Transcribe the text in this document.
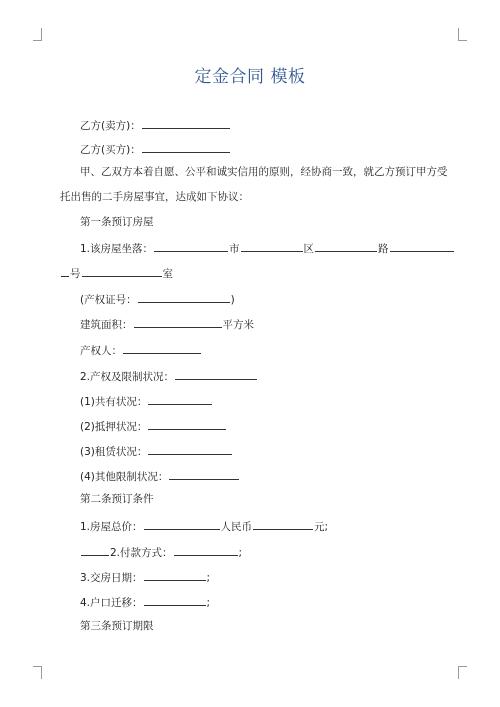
定金合同 模板
乙方(卖方)：
乙方(买方)：
甲、乙双方本着自愿、公平和诚实信用的原则，经协商一致，就乙方预订甲方受
托出售的二手房屋事宜，达成如下协议：
第一条预订房屋
1.该房屋坐落：	市	区	路
号	室
(产权证号：	)
建筑面积：	平方米
产权人：
2.产权及限制状况：
(1)共有状况：
(2)抵押状况：
(3)租赁状况：
(4)其他限制状况：
第二条预订条件
1.房屋总价：	人民币	元;
2.付款方式：	;
3.交房日期：	;
4.户口迁移：	;
第三条预订期限
